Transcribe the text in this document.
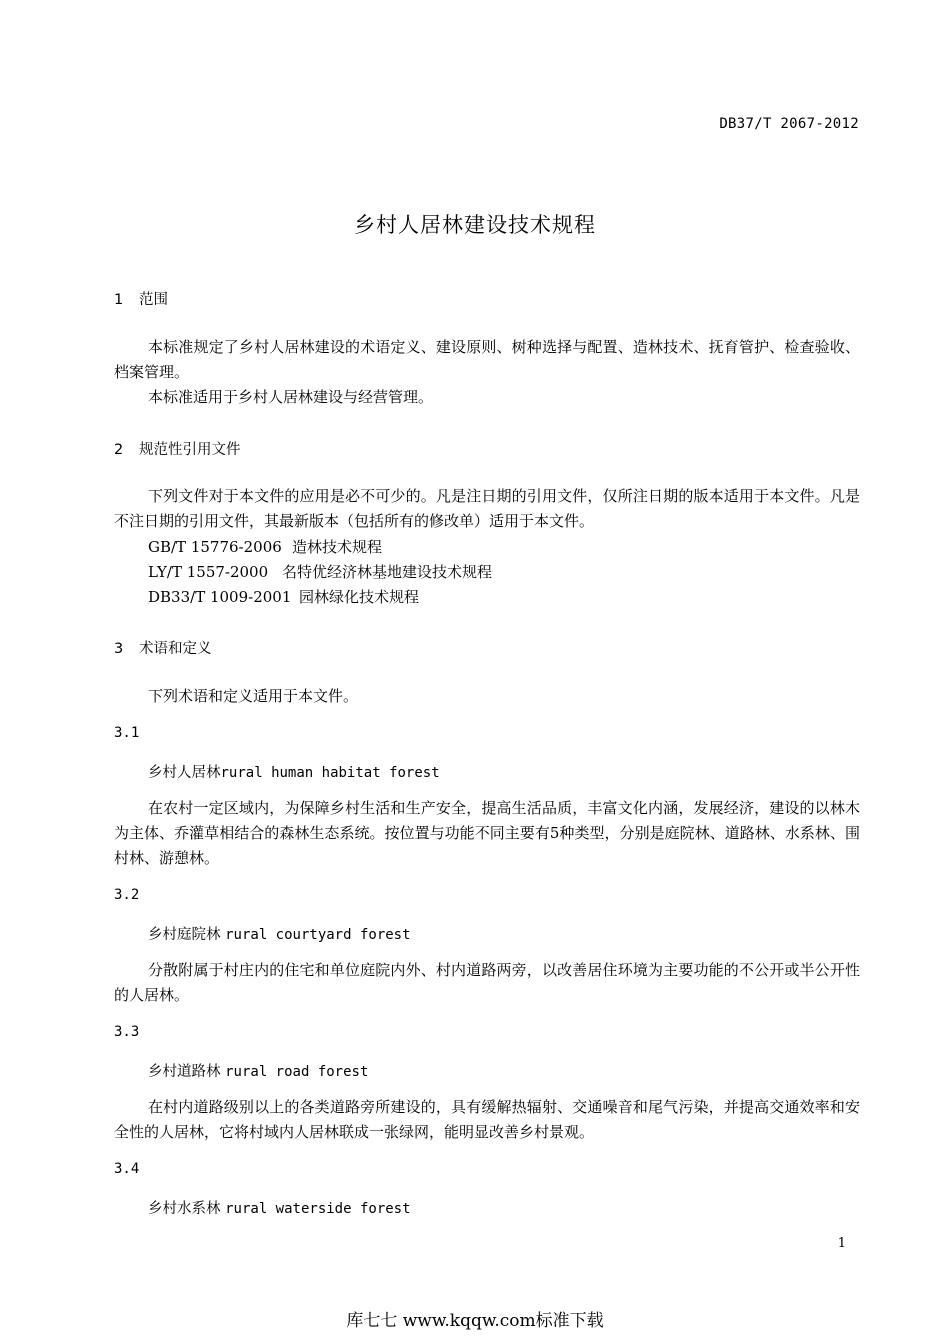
DB37/T 2067-2012
乡村人居林建设技术规程
1 范围
本标准规定了乡村人居林建设的术语定义、建设原则、树种选择与配置、造林技术、抚育管护、检查验收、档案管理。
本标准适用于乡村人居林建设与经营管理。
2 规范性引用文件
下列文件对于本文件的应用是必不可少的。凡是注日期的引用文件，仅所注日期的版本适用于本文件。凡是不注日期的引用文件，其最新版本（包括所有的修改单）适用于本文件。
GB/T 15776-2006 造林技术规程
LY/T 1557-2000 名特优经济林基地建设技术规程
DB33/T 1009-2001 园林绿化技术规程
3 术语和定义
下列术语和定义适用于本文件。
3.1
乡村人居林rural human habitat forest
在农村一定区域内，为保障乡村生活和生产安全，提高生活品质，丰富文化内涵，发展经济，建设的以林木为主体、乔灌草相结合的森林生态系统。按位置与功能不同主要有5种类型，分别是庭院林、道路林、水系林、围村林、游憩林。
3.2
乡村庭院林 rural courtyard forest
分散附属于村庄内的住宅和单位庭院内外、村内道路两旁，以改善居住环境为主要功能的不公开或半公开性的人居林。
3.3
乡村道路林 rural road forest
在村内道路级别以上的各类道路旁所建设的，具有缓解热辐射、交通噪音和尾气污染，并提高交通效率和安全性的人居林，它将村域内人居林联成一张绿网，能明显改善乡村景观。
3.4
乡村水系林 rural waterside forest
1
库七七 www.kqqw.com标准下载
